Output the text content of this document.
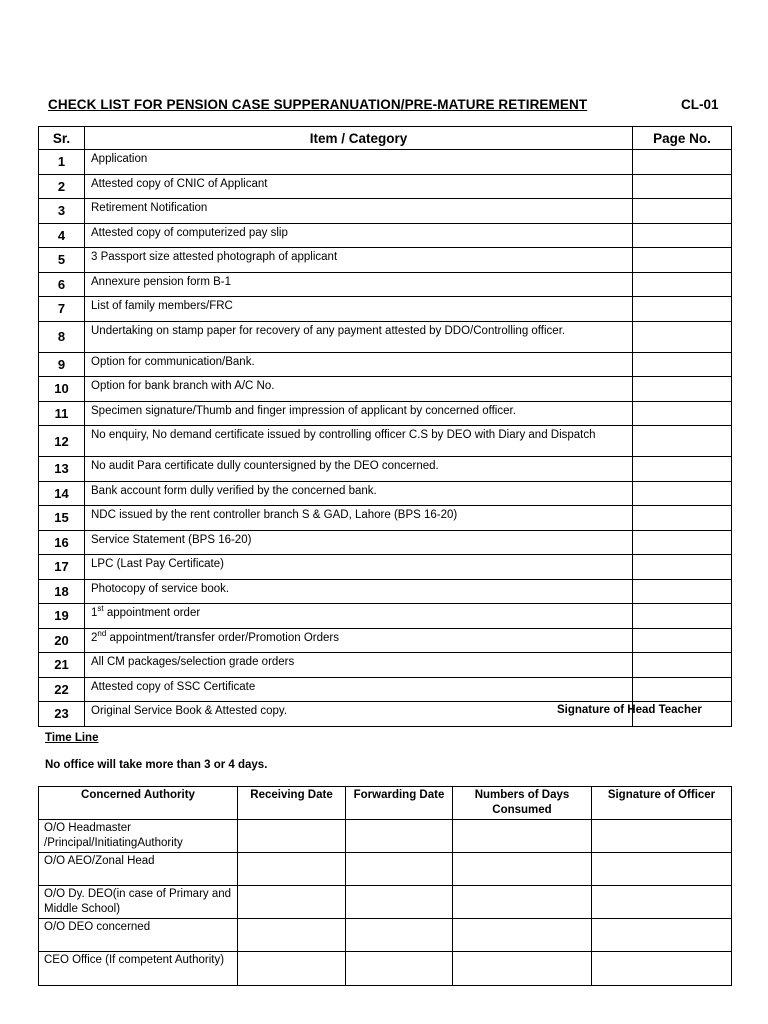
CHECK LIST FOR PENSION CASE SUPPERANUATION/PRE-MATURE RETIREMENT	CL-01
Sr.	Item / Category	Page No.
1	Application	
2	Attested copy of CNIC of Applicant	
3	Retirement Notification	
4	Attested copy of computerized pay slip	
5	3 Passport size attested photograph of applicant	
6	Annexure pension form B-1	
7	List of family members/FRC	
8	Undertaking on stamp paper for recovery of any payment attested by DDO/Controlling officer.	
9	Option for communication/Bank.	
10	Option for bank branch with A/C No.	
11	Specimen signature/Thumb and finger impression of applicant by concerned officer.	
12	No enquiry, No demand certificate issued by controlling officer C.S by DEO with Diary and Dispatch	
13	No audit Para certificate dully countersigned by the DEO concerned.	
14	Bank account form dully verified by the concerned bank.	
15	NDC issued by the rent controller branch S & GAD, Lahore (BPS 16-20)	
16	Service Statement (BPS 16-20)	
17	LPC (Last Pay Certificate)	
18	Photocopy of service book.	
19	1st appointment order	
20	2nd appointment/transfer order/Promotion Orders	
21	All CM packages/selection grade orders	
22	Attested copy of SSC Certificate	
23	Original Service Book & Attested copy.		Signature of Head Teacher
Time Line
No office will take more than 3 or 4 days.
Concerned Authority	Receiving Date	Forwarding Date	Numbers of Days Consumed	Signature of Officer
O/O Headmaster /Principal/InitiatingAuthority				
O/O AEO/Zonal Head				
O/O Dy. DEO(in case of Primary and Middle School)				
O/O DEO concerned				
CEO Office (If competent Authority)				
